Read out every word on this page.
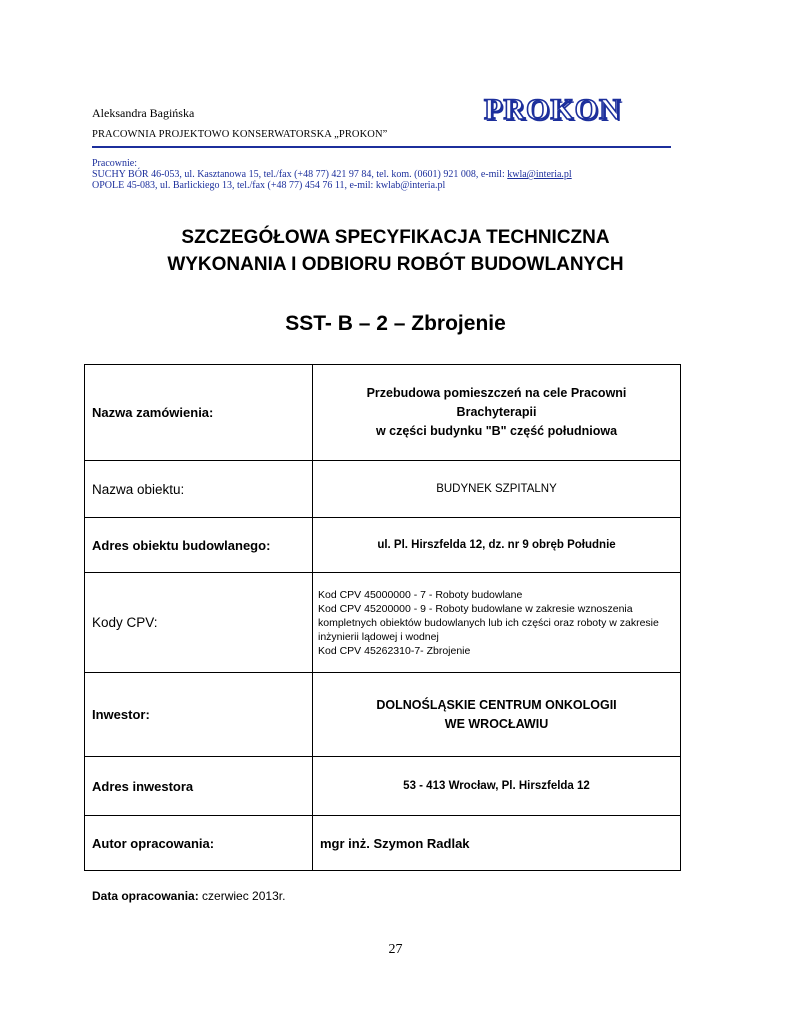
Aleksandra Bagińska	PROKON
PRACOWNIA PROJEKTOWO KONSERWATORSKA „PROKON”
Pracownie:
SUCHY BÓR 46-053, ul. Kasztanowa 15, tel./fax (+48 77) 421 97 84, tel. kom. (0601) 921 008, e-mil: kwla@interia.pl
OPOLE 45-083, ul. Barlickiego 13, tel./fax (+48 77) 454 76 11, e-mil: kwlab@interia.pl
SZCZEGÓŁOWA SPECYFIKACJA TECHNICZNA
WYKONANIA I ODBIORU ROBÓT BUDOWLANYCH
SST- B – 2 – Zbrojenie
Nazwa zamówienia:	Przebudowa pomieszczeń na cele Pracowni
Brachyterapii
w części budynku "B" część południowa

Nazwa obiektu:	BUDYNEK SZPITALNY
Adres obiektu budowlanego:	ul. Pl. Hirszfelda 12, dz. nr 9 obręb Południe
Kody CPV:	Kod CPV 45000000 - 7 - Roboty budowlane
Kod CPV 45200000 - 9 - Roboty budowlane w zakresie wznoszenia
kompletnych obiektów budowlanych lub ich części oraz roboty w zakresie
inżynierii lądowej i wodnej
Kod CPV 45262310-7- Zbrojenie

Inwestor:	DOLNOŚLĄSKIE CENTRUM ONKOLOGII
WE WROCŁAWIU

Adres inwestora	53 - 413 Wrocław, Pl. Hirszfelda 12
Autor opracowania:	mgr inż. Szymon Radlak
Data opracowania: czerwiec 2013r.
27
